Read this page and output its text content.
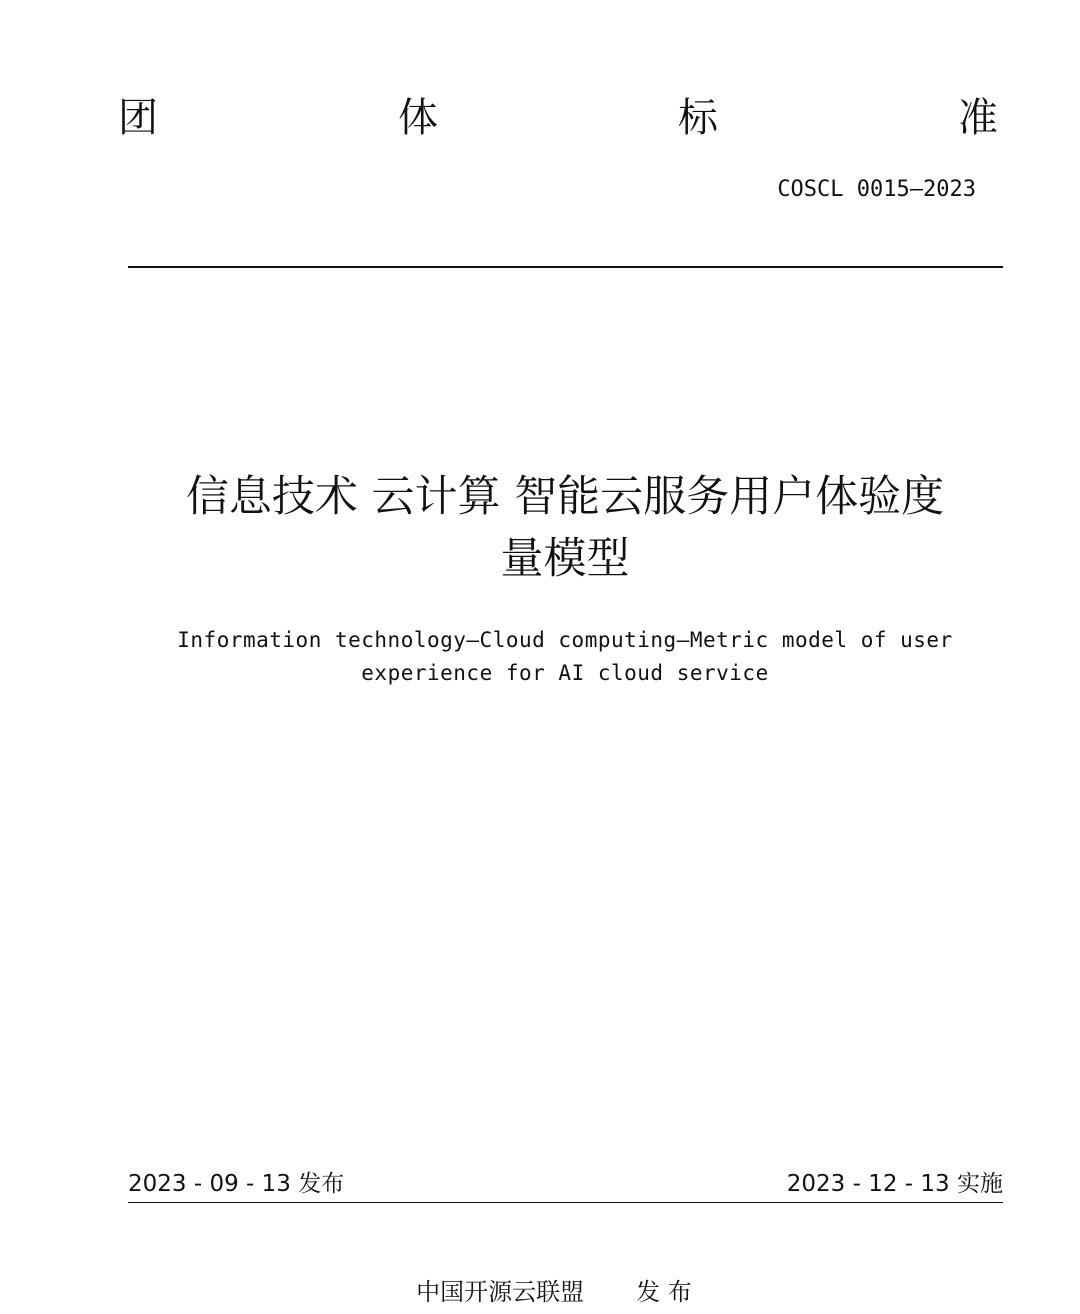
团	体	标	准
COSCL 0015—2023
信息技术 云计算 智能云服务用户体验度
量模型
Information technology—Cloud computing—Metric model of user
experience for AI cloud service
2023 - 09 - 13 发布	2023 - 12 - 13 实施
中国开源云联盟 发 布
